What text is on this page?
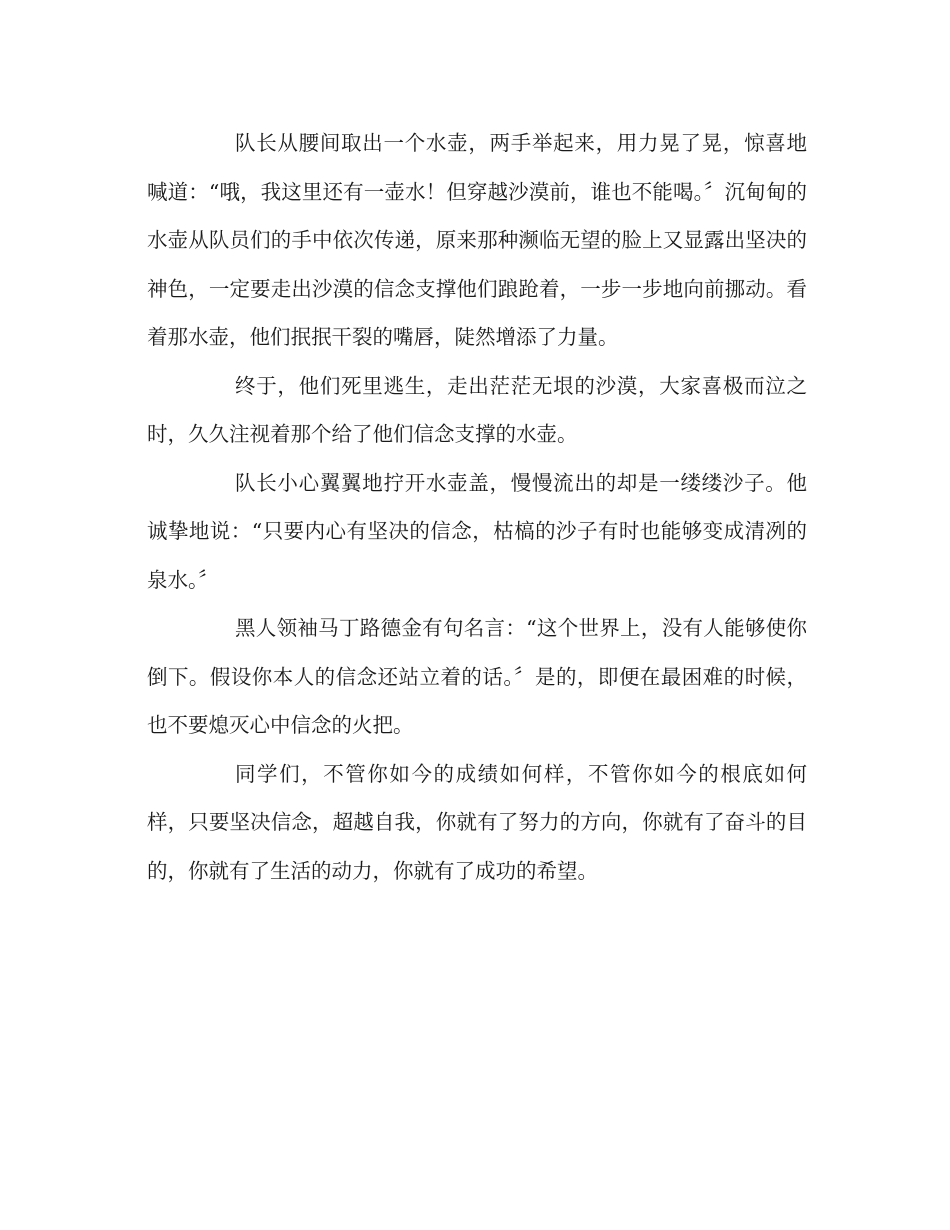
队长从腰间取出一个水壶，两手举起来，用力晃了晃，惊喜地喊道：“哦，我这里还有一壶水！但穿越沙漠前，谁也不能喝。〞沉甸甸的水壶从队员们的手中依次传递，原来那种濒临无望的脸上又显露出坚决的神色，一定要走出沙漠的信念支撑他们踉跄着，一步一步地向前挪动。看着那水壶，他们抿抿干裂的嘴唇，陡然增添了力量。

终于，他们死里逃生，走出茫茫无垠的沙漠，大家喜极而泣之时，久久注视着那个给了他们信念支撑的水壶。

队长小心翼翼地拧开水壶盖，慢慢流出的却是一缕缕沙子。他诚挚地说：“只要内心有坚决的信念，枯槁的沙子有时也能够变成清冽的泉水。〞

黑人领袖马丁路德金有句名言：“这个世界上，没有人能够使你倒下。假设你本人的信念还站立着的话。〞是的，即便在最困难的时候，也不要熄灭心中信念的火把。

同学们，不管你如今的成绩如何样，不管你如今的根底如何样，只要坚决信念，超越自我，你就有了努力的方向，你就有了奋斗的目的，你就有了生活的动力，你就有了成功的希望。
